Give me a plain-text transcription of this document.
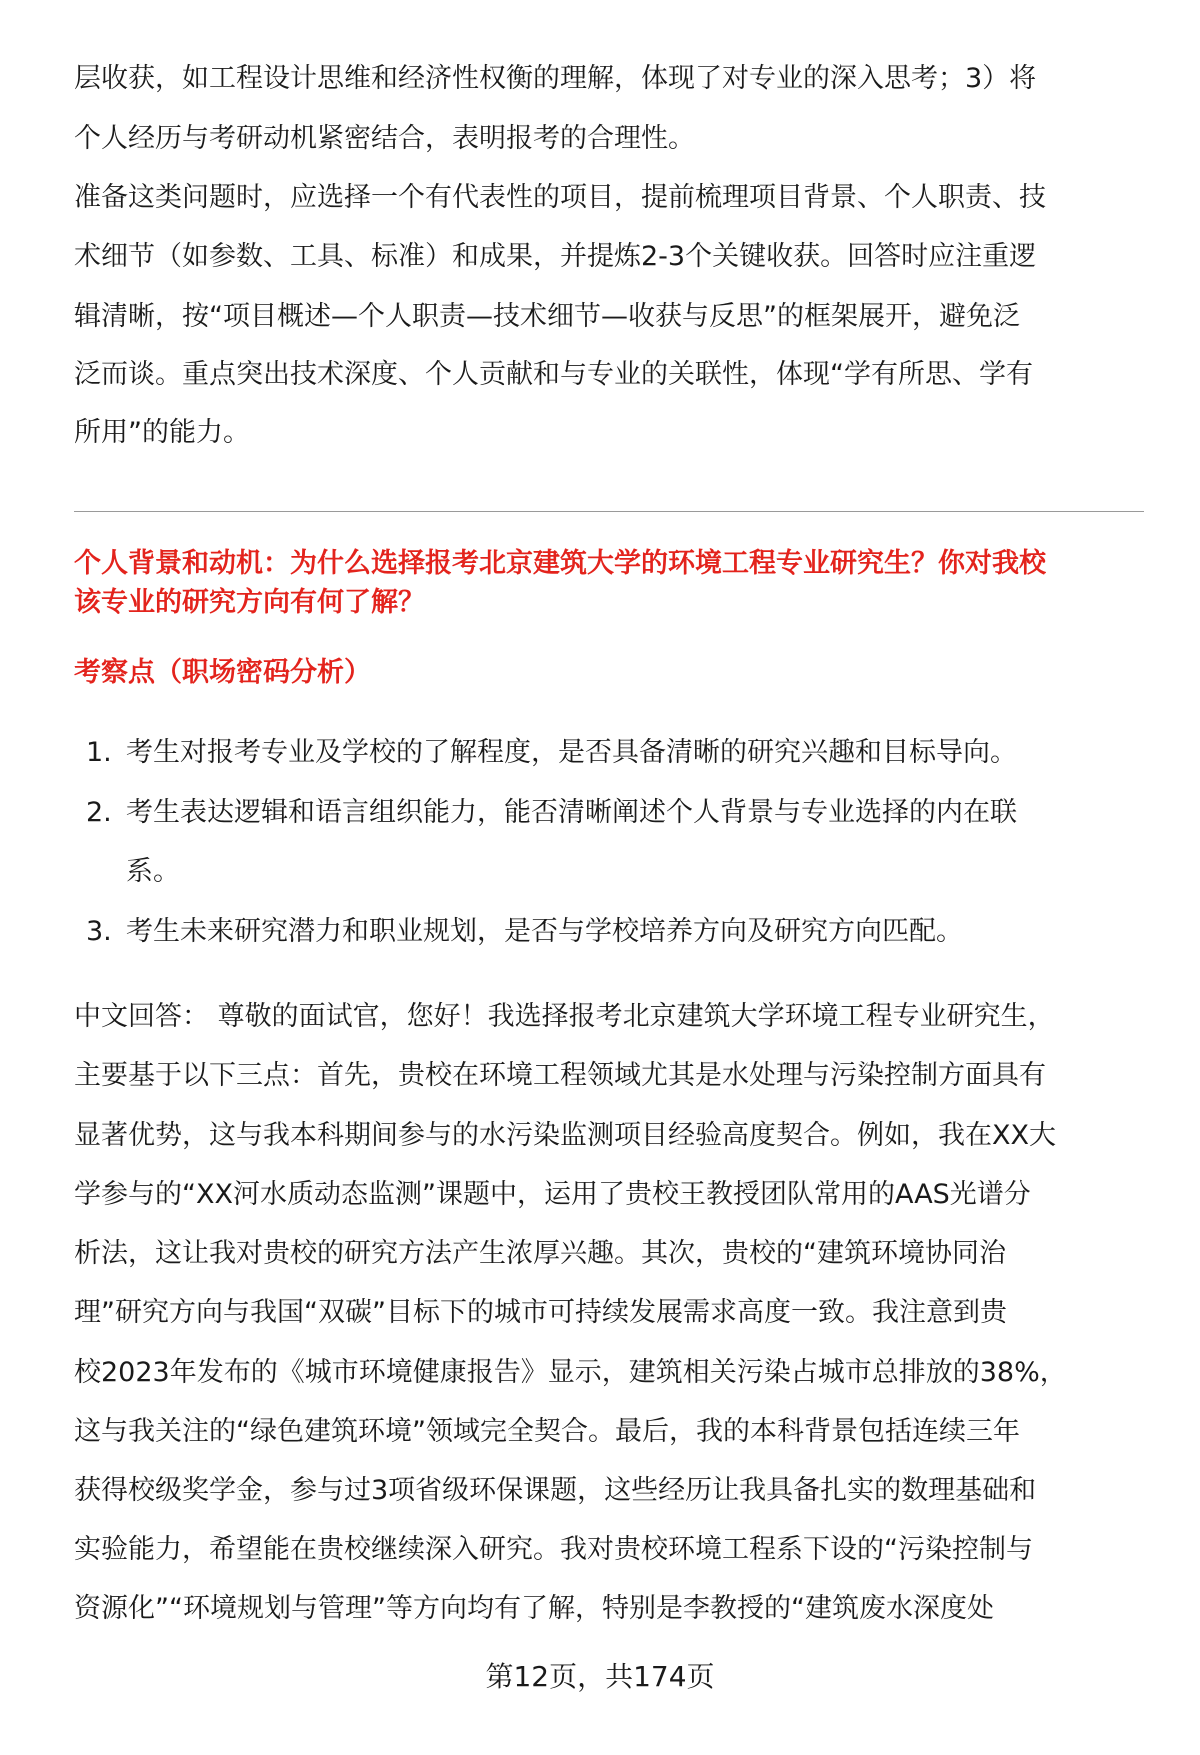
层收获，如工程设计思维和经济性权衡的理解，体现了对专业的深入思考；3）将
个人经历与考研动机紧密结合，表明报考的合理性。
准备这类问题时，应选择一个有代表性的项目，提前梳理项目背景、个人职责、技
术细节（如参数、工具、标准）和成果，并提炼2-3个关键收获。回答时应注重逻
辑清晰，按“项目概述—个人职责—技术细节—收获与反思”的框架展开，避免泛
泛而谈。重点突出技术深度、个人贡献和与专业的关联性，体现“学有所思、学有
所用”的能力。
个人背景和动机：为什么选择报考北京建筑大学的环境工程专业研究生？你对我校
该专业的研究方向有何了解？
考察点（职场密码分析）
1. 考生对报考专业及学校的了解程度，是否具备清晰的研究兴趣和目标导向。
2. 考生表达逻辑和语言组织能力，能否清晰阐述个人背景与专业选择的内在联
系。
3. 考生未来研究潜力和职业规划，是否与学校培养方向及研究方向匹配。
中文回答： 尊敬的面试官，您好！我选择报考北京建筑大学环境工程专业研究生，
主要基于以下三点：首先，贵校在环境工程领域尤其是水处理与污染控制方面具有
显著优势，这与我本科期间参与的水污染监测项目经验高度契合。例如，我在XX大
学参与的“XX河水质动态监测”课题中，运用了贵校王教授团队常用的AAS光谱分
析法，这让我对贵校的研究方法产生浓厚兴趣。其次，贵校的“建筑环境协同治
理”研究方向与我国“双碳”目标下的城市可持续发展需求高度一致。我注意到贵
校2023年发布的《城市环境健康报告》显示，建筑相关污染占城市总排放的38%，
这与我关注的“绿色建筑环境”领域完全契合。最后，我的本科背景包括连续三年
获得校级奖学金，参与过3项省级环保课题，这些经历让我具备扎实的数理基础和
实验能力，希望能在贵校继续深入研究。我对贵校环境工程系下设的“污染控制与
资源化”“环境规划与管理”等方向均有了解，特别是李教授的“建筑废水深度处
第12页，共174页
